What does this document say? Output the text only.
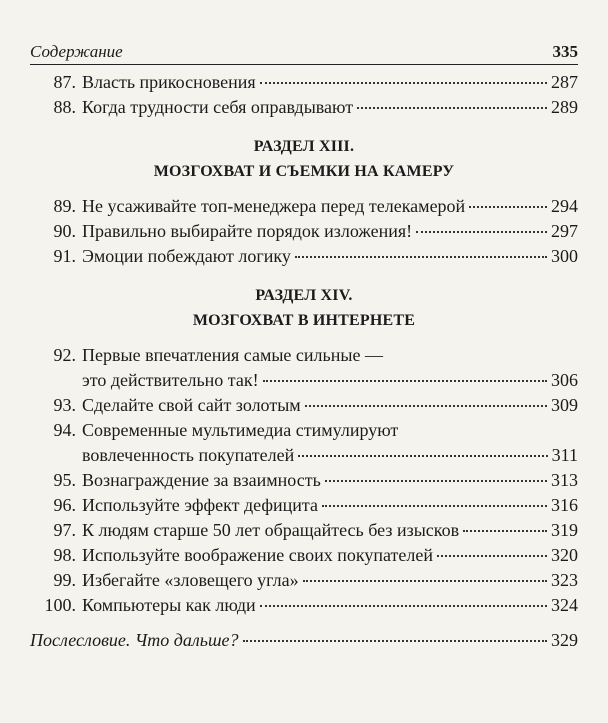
Содержание	335
87. Власть прикосновения	287
88. Когда трудности себя оправдывают	289
РАЗДЕЛ XIII.
МОЗГОХВАТ И СЪЕМКИ НА КАМЕРУ
89. Не усаживайте топ-менеджера перед телекамерой	294
90. Правильно выбирайте порядок изложения!	297
91. Эмоции побеждают логику	300
РАЗДЕЛ XIV.
МОЗГОХВАТ В ИНТЕРНЕТЕ
92. Первые впечатления самые сильные —
это действительно так!	306
93. Сделайте свой сайт золотым	309
94. Современные мультимедиа стимулируют
вовлеченность покупателей	311
95. Вознаграждение за взаимность	313
96. Используйте эффект дефицита	316
97. К людям старше 50 лет обращайтесь без изысков	319
98. Используйте воображение своих покупателей	320
99. Избегайте «зловещего угла»	323
100. Компьютеры как люди	324
Послесловие. Что дальше?	329
